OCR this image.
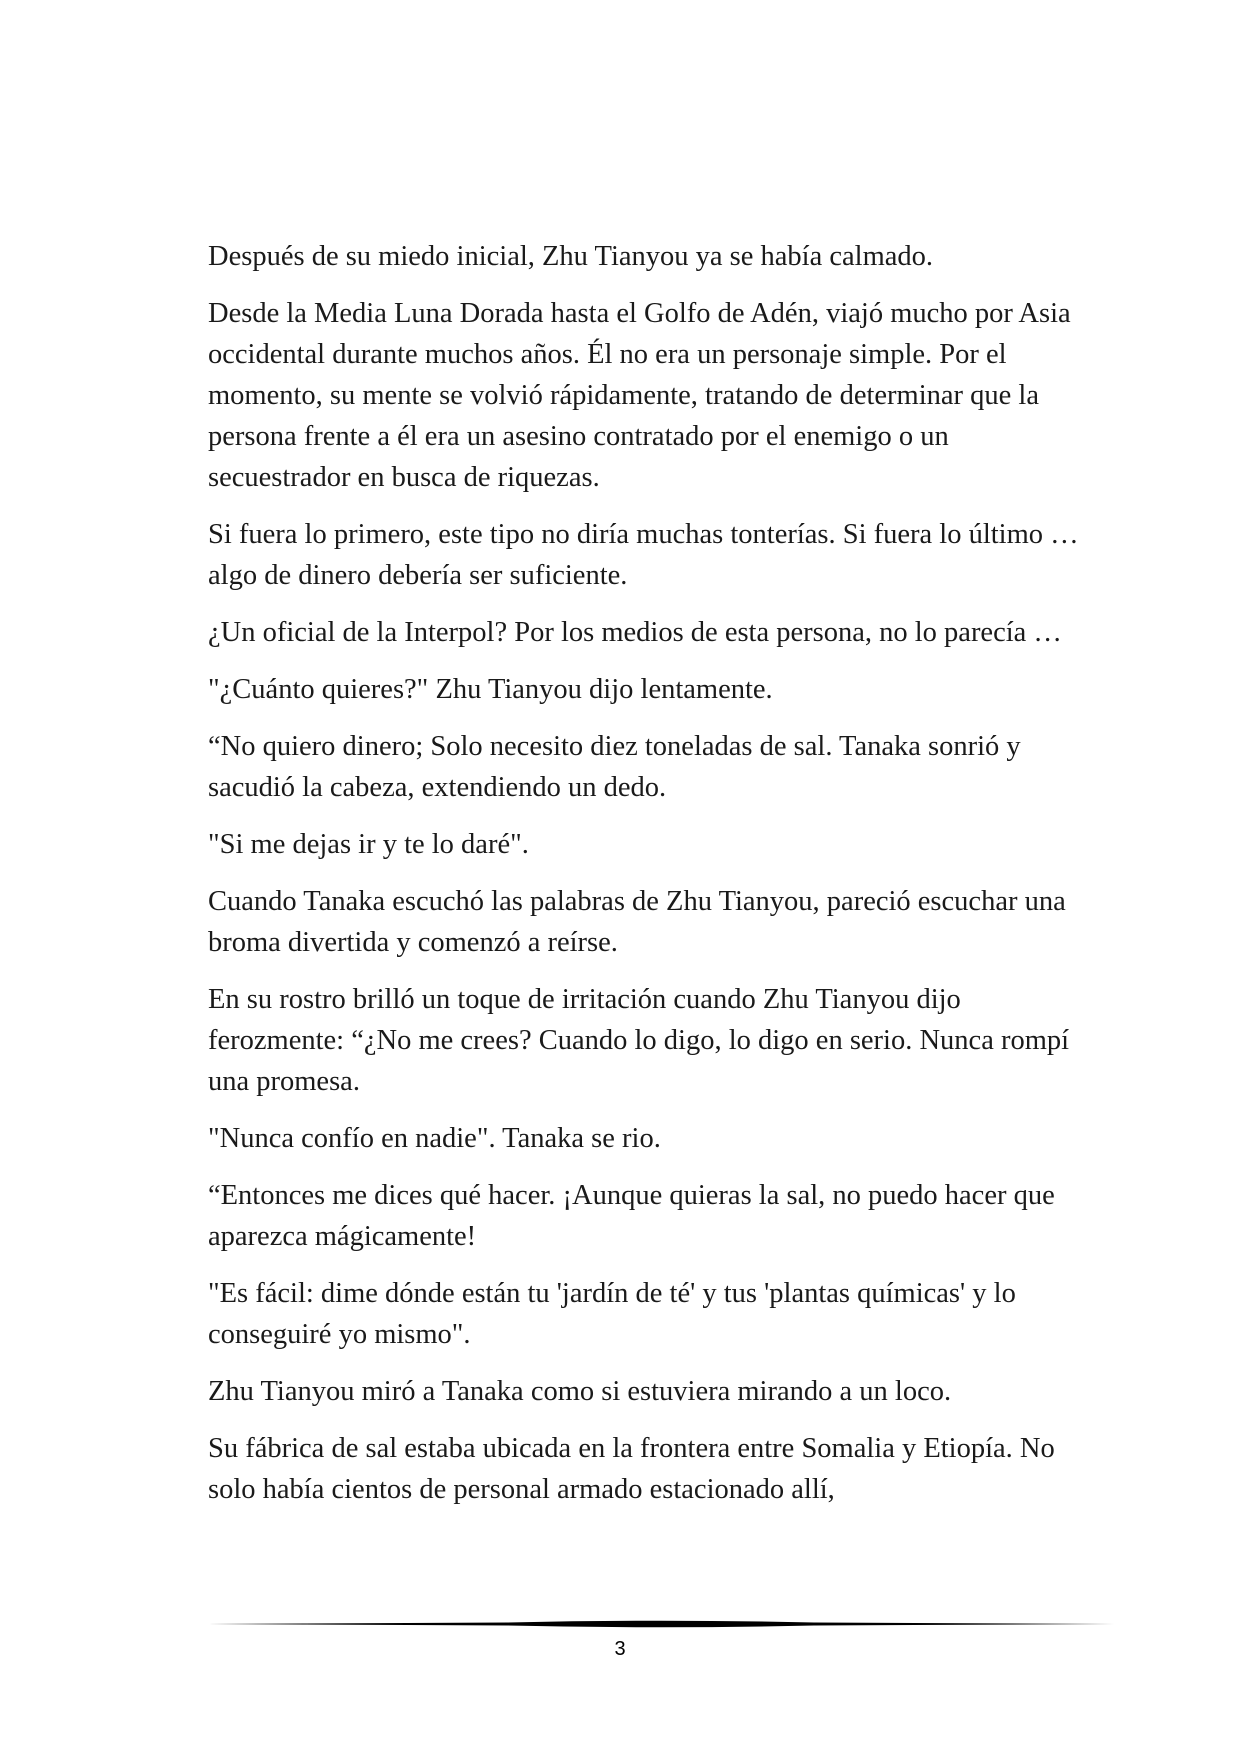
Después de su miedo inicial, Zhu Tianyou ya se había calmado.

Desde la Media Luna Dorada hasta el Golfo de Adén, viajó mucho por Asia occidental durante muchos años. Él no era un personaje simple. Por el momento, su mente se volvió rápidamente, tratando de determinar que la persona frente a él era un asesino contratado por el enemigo o un secuestrador en busca de riquezas.

Si fuera lo primero, este tipo no diría muchas tonterías. Si fuera lo último … algo de dinero debería ser suficiente.

¿Un oficial de la Interpol? Por los medios de esta persona, no lo parecía …

"¿Cuánto quieres?" Zhu Tianyou dijo lentamente.

“No quiero dinero; Solo necesito diez toneladas de sal. Tanaka sonrió y sacudió la cabeza, extendiendo un dedo.

"Si me dejas ir y te lo daré".

Cuando Tanaka escuchó las palabras de Zhu Tianyou, pareció escuchar una broma divertida y comenzó a reírse.

En su rostro brilló un toque de irritación cuando Zhu Tianyou dijo ferozmente: “¿No me crees? Cuando lo digo, lo digo en serio. Nunca rompí una promesa.

"Nunca confío en nadie". Tanaka se rio.

“Entonces me dices qué hacer. ¡Aunque quieras la sal, no puedo hacer que aparezca mágicamente!

"Es fácil: dime dónde están tu 'jardín de té' y tus 'plantas químicas' y lo conseguiré yo mismo".

Zhu Tianyou miró a Tanaka como si estuviera mirando a un loco.

Su fábrica de sal estaba ubicada en la frontera entre Somalia y Etiopía. No solo había cientos de personal armado estacionado allí,

3
